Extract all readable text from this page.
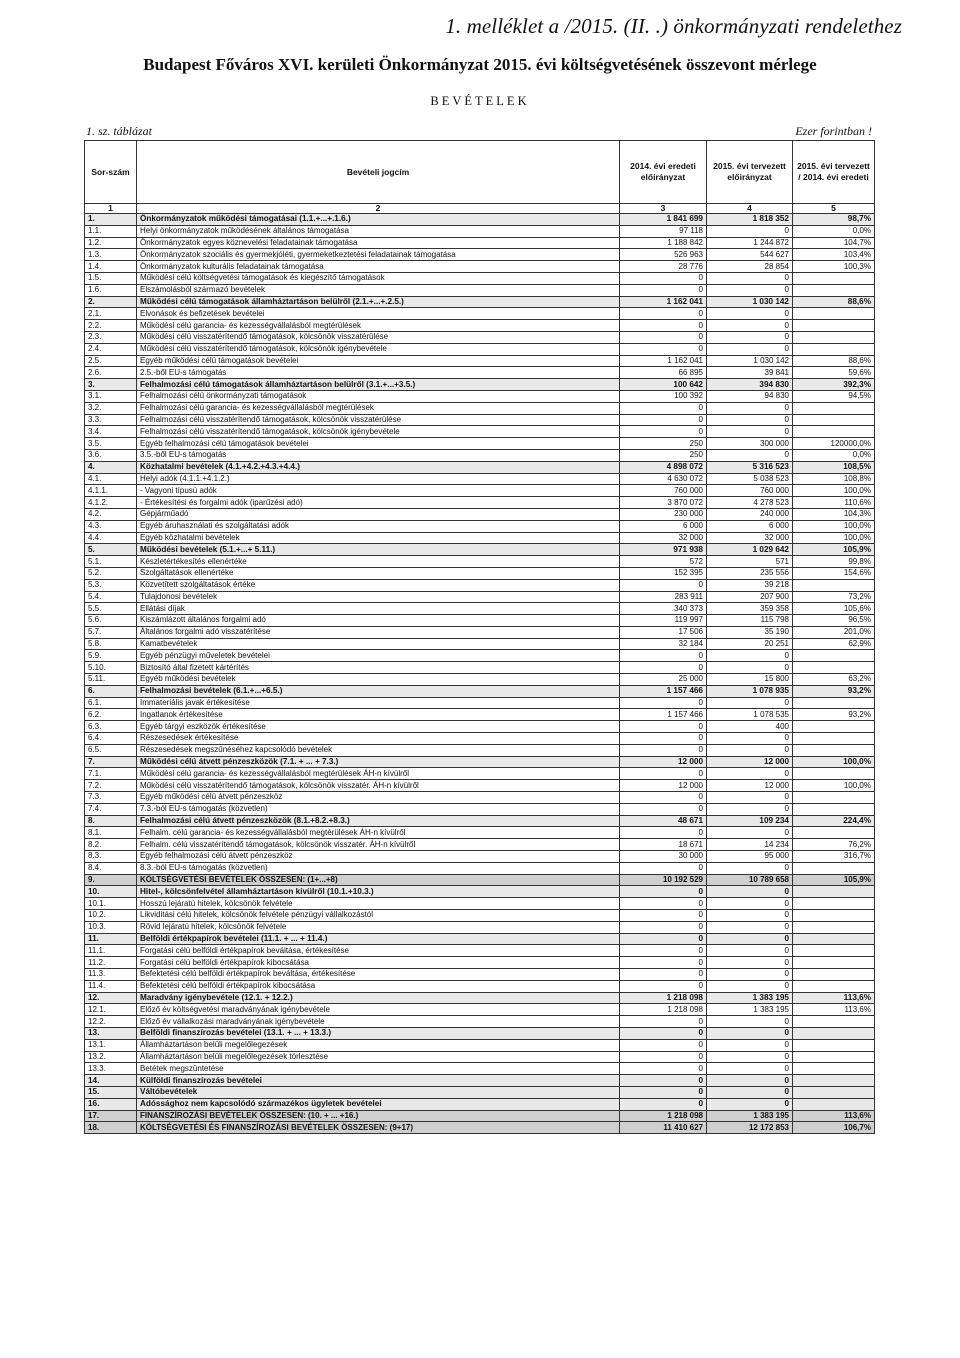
1. melléklet a /2015. (II. .) önkormányzati rendelethez
Budapest Főváros XVI. kerületi Önkormányzat 2015. évi költségvetésének összevont mérlege
BEVÉTELEK
1. sz. táblázat	Ezer forintban !
Sor-szám	Bevételi jogcím	2014. évi eredeti előirányzat	2015. évi tervezett előirányzat	2015. évi tervezett / 2014. évi eredeti
1	2	3	4	5
1.	Önkormányzatok működési támogatásai (1.1.+...+.1.6.)	1 841 699	1 818 352	98,7%
1.1.	Helyi önkormányzatok működésének általános támogatása	97 118	0	0,0%
1.2.	Önkormányzatok egyes köznevelési feladatainak támogatása	1 188 842	1 244 872	104,7%
1.3.	Önkormányzatok szociális és gyermekjóléti, gyermeketkeztetési feladatainak támogatása	526 963	544 627	103,4%
1.4.	Önkormányzatok kulturális feladatainak támogatása	28 776	28 854	100,3%
1.5.	Működési célú költségvetési támogatások és kiegészítő támogatások	0	0	
1.6.	Elszámolásból származó bevételek	0	0	
2.	Működési célú támogatások államháztartáson belülről (2.1.+...+.2.5.)	1 162 041	1 030 142	88,6%
2.1.	Elvonások és befizetések bevételei	0	0	
2.2.	Működési célú garancia- és kezességvállalásból megtérülések	0	0	
2.3.	Működési célú visszatérítendő támogatások, kölcsönök visszatérülése	0	0	
2.4.	Működési célú visszatérítendő támogatások, kölcsönök igénybevétele	0	0	
2.5.	Egyéb működési célú támogatások bevételei	1 162 041	1 030 142	88,6%
2.6.	2.5.-ből EU-s támogatás	66 895	39 841	59,6%
3.	Felhalmozási célú támogatások államháztartáson belülről (3.1.+...+3.5.)	100 642	394 830	392,3%
3.1.	Felhalmozási célú önkormányzati támogatások	100 392	94 830	94,5%
3.2.	Felhalmozási célú garancia- és kezességvállalásból megtérülések	0	0	
3.3.	Felhalmozási célú visszatérítendő támogatások, kölcsönök visszatérülése	0	0	
3.4.	Felhalmozási célú visszatérítendő támogatások, kölcsönök igénybevétele	0	0	
3.5.	Egyéb felhalmozási célú támogatások bevételei	250	300 000	120000,0%
3.6.	3.5.-ből EU-s támogatás	250	0	0,0%
4.	Közhatalmi bevételek (4.1.+4.2.+4.3.+4.4.)	4 898 072	5 316 523	108,5%
4.1.	Helyi adók (4.1.1.+4.1.2.)	4 630 072	5 038 523	108,8%
4.1.1.	- Vagyoni típusú adók	760 000	760 000	100,0%
4.1.2.	- Értékesítési és forgalmi adók (iparűzési adó)	3 870 072	4 278 523	110,6%
4.2.	Gépjárműadó	230 000	240 000	104,3%
4.3.	Egyéb áruhasználati és szolgáltatási adók	6 000	6 000	100,0%
4.4.	Egyéb közhatalmi bevételek	32 000	32 000	100,0%
5.	Működési bevételek (5.1.+...+ 5.11.)	971 938	1 029 642	105,9%
5.1.	Készletértékesítés ellenértéke	572	571	99,8%
5.2.	Szolgáltatások ellenértéke	152 395	235 556	154,6%
5.3.	Közvetített szolgáltatások értéke	0	39 218	
5.4.	Tulajdonosi bevételek	283 911	207 900	73,2%
5.5.	Ellátási díjak	340 373	359 358	105,6%
5.6.	Kiszámlázott általános forgalmi adó	119 997	115 798	96,5%
5.7.	Általános forgalmi adó visszatérítése	17 506	35 190	201,0%
5.8.	Kamatbevételek	32 184	20 251	62,9%
5.9.	Egyéb pénzügyi műveletek bevételei	0	0	
5.10.	Biztosító által fizetett kártérítés	0	0	
5.11.	Egyéb működési bevételek	25 000	15 800	63,2%
6.	Felhalmozási bevételek (6.1.+...+6.5.)	1 157 466	1 078 935	93,2%
6.1.	Immateriális javak értékesítése	0	0	
6.2.	Ingatlanok értékesítése	1 157 466	1 078 535	93,2%
6.3.	Egyéb tárgyi eszközök értékesítése	0	400	
6.4.	Részesedések értékesítése	0	0	
6.5.	Részesedések megszűnéséhez kapcsolódó bevételek	0	0	
7.	Működési célú átvett pénzeszközök (7.1. + ... + 7.3.)	12 000	12 000	100,0%
7.1.	Működési célú garancia- és kezességvállalásból megtérülések ÁH-n kívülről	0	0	
7.2.	Működési célú visszatérítendő támogatások, kölcsönök visszatér. ÁH-n kívülről	12 000	12 000	100,0%
7.3.	Egyéb működési célú átvett pénzeszköz	0	0	
7.4.	7.3.-ból EU-s támogatás (közvetlen)	0	0	
8.	Felhalmozási célú átvett pénzeszközök (8.1.+8.2.+8.3.)	48 671	109 234	224,4%
8.1.	Felhalm. célú garancia- és kezességvállalásból megtérülések ÁH-n kívülről	0	0	
8.2.	Felhalm. célú visszatérítendő támogatások, kölcsönök visszatér. ÁH-n kívülről	18 671	14 234	76,2%
8.3.	Egyéb felhalmozási célú átvett pénzeszköz	30 000	95 000	316,7%
8.4.	8.3.-ból EU-s támogatás (közvetlen)	0	0	
9.	KÖLTSÉGVETÉSI BEVÉTELEK ÖSSZESEN: (1+...+8)	10 192 529	10 789 658	105,9%
10.	Hitel-, kölcsönfelvétel államháztartáson kívülről (10.1.+10.3.)	0	0	
10.1.	Hosszú lejáratú hitelek, kölcsönök felvétele	0	0	
10.2.	Likviditási célú hitelek, kölcsönök felvétele pénzügyi vállalkozástól	0	0	
10.3.	Rövid lejáratú hitelek, kölcsönök felvétele	0	0	
11.	Belföldi értékpapírok bevételei (11.1. + ... + 11.4.)	0	0	
11.1.	Forgatási célú belföldi értékpapírok beváltása, értékesítése	0	0	
11.2.	Forgatási célú belföldi értékpapírok kibocsátása	0	0	
11.3.	Befektetési célú belföldi értékpapírok beváltása, értékesítése	0	0	
11.4.	Befektetési célú belföldi értékpapírok kibocsátása	0	0	
12.	Maradvány igénybevétele (12.1. + 12.2.)	1 218 098	1 383 195	113,6%
12.1.	Előző év költségvetési maradványának igénybevétele	1 218 098	1 383 195	113,6%
12.2.	Előző év vállalkozási maradványának igénybevétele	0	0	
13.	Belföldi finanszírozás bevételei (13.1. + ... + 13.3.)	0	0	
13.1.	Államháztartáson belüli megelőlegezések	0	0	
13.2.	Államháztartáson belüli megelőlegezések törlesztése	0	0	
13.3.	Betétek megszüntetése	0	0	
14.	Külföldi finanszírozás bevételei	0	0	
15.	Váltóbevételek	0	0	
16.	Adóssághoz nem kapcsolódó származékos ügyletek bevételei	0	0	
17.	FINANSZÍROZÁSI BEVÉTELEK ÖSSZESEN: (10. + ... +16.)	1 218 098	1 383 195	113,6%
18.	KÖLTSÉGVETÉSI ÉS FINANSZÍROZÁSI BEVÉTELEK ÖSSZESEN: (9+17)	11 410 627	12 172 853	106,7%
